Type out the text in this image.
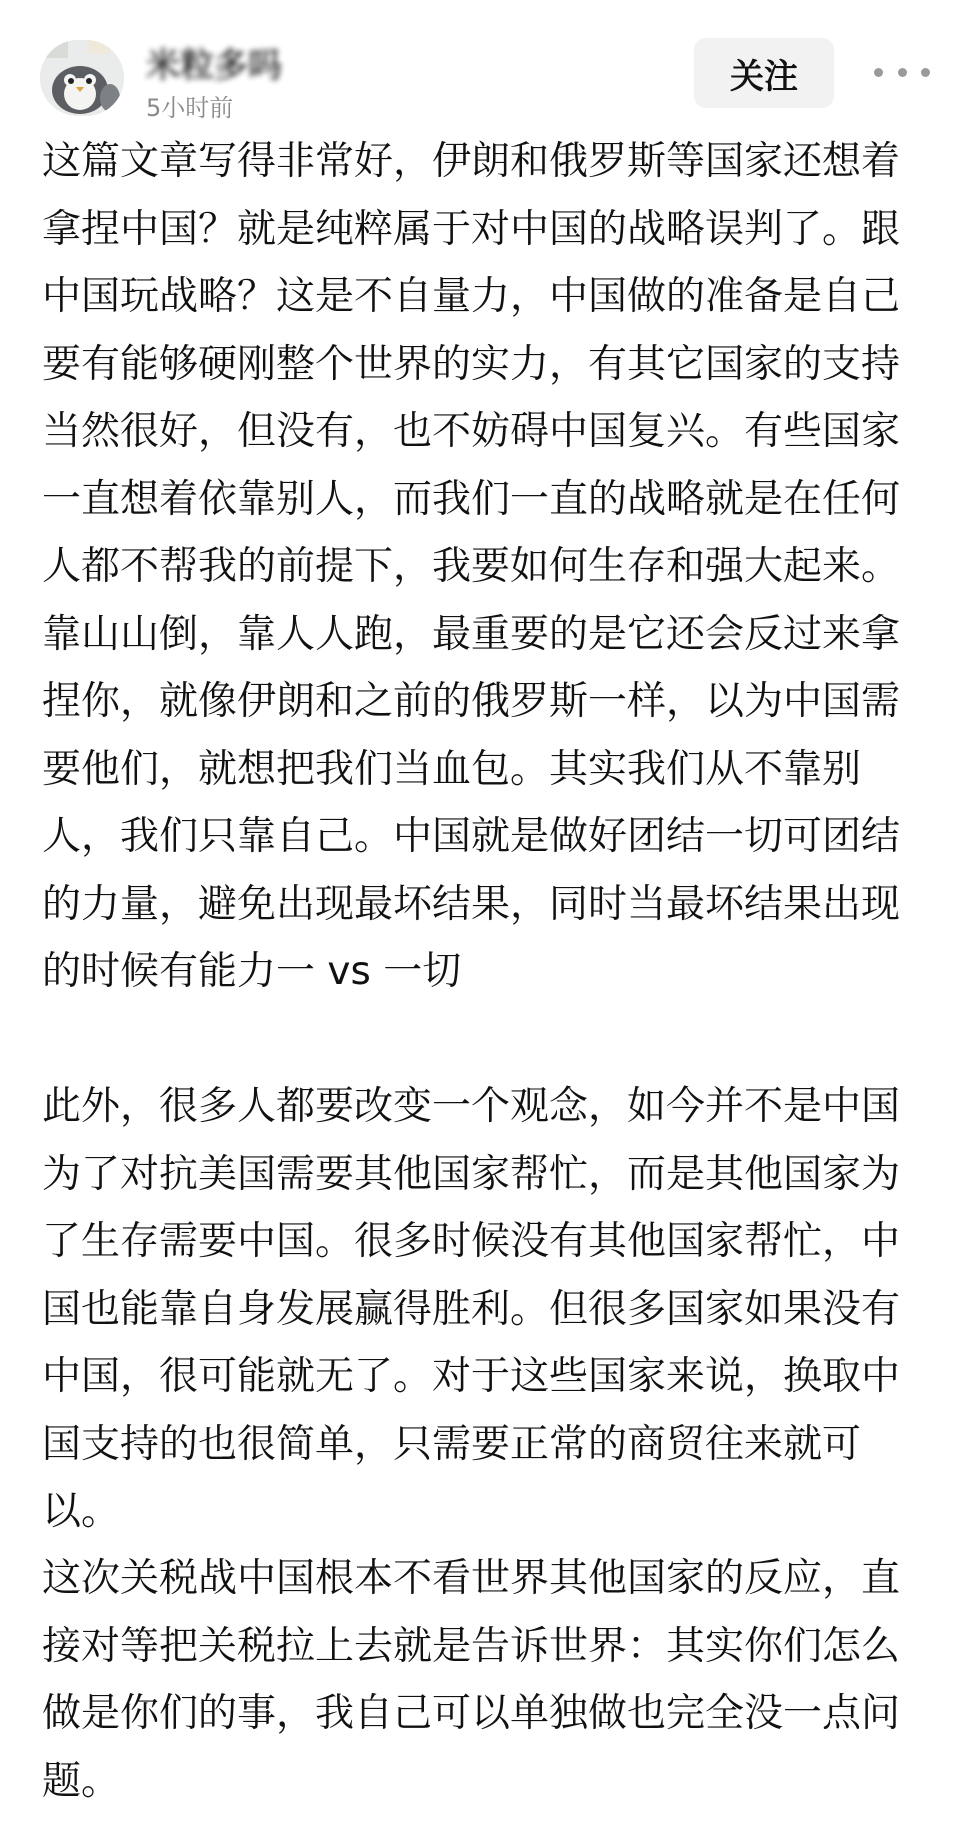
米粒多吗
5小时前
关注

这篇文章写得非常好，伊朗和俄罗斯等国家还想着拿捏中国？就是纯粹属于对中国的战略误判了。跟中国玩战略？这是不自量力，中国做的准备是自己要有能够硬刚整个世界的实力，有其它国家的支持当然很好，但没有，也不妨碍中国复兴。有些国家一直想着依靠别人，而我们一直的战略就是在任何人都不帮我的前提下，我要如何生存和强大起来。靠山山倒，靠人人跑，最重要的是它还会反过来拿捏你，就像伊朗和之前的俄罗斯一样，以为中国需要他们，就想把我们当血包。其实我们从不靠别人，我们只靠自己。中国就是做好团结一切可团结的力量，避免出现最坏结果，同时当最坏结果出现的时候有能力一 vs 一切

此外，很多人都要改变一个观念，如今并不是中国为了对抗美国需要其他国家帮忙，而是其他国家为了生存需要中国。很多时候没有其他国家帮忙，中国也能靠自身发展赢得胜利。但很多国家如果没有中国，很可能就无了。对于这些国家来说，换取中国支持的也很简单，只需要正常的商贸往来就可以。

这次关税战中国根本不看世界其他国家的反应，直接对等把关税拉上去就是告诉世界：其实你们怎么做是你们的事，我自己可以单独做也完全没一点问题。
